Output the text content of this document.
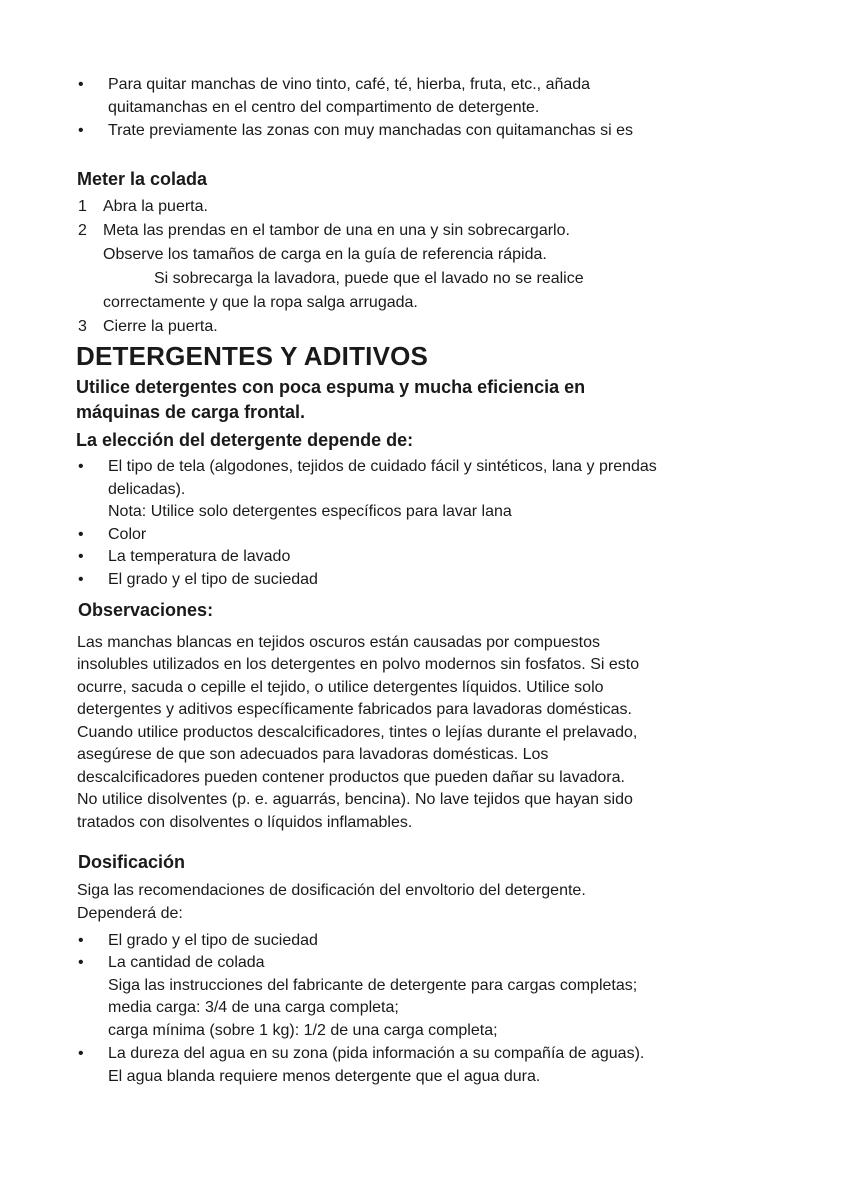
• Para quitar manchas de vino tinto, café, té, hierba, fruta, etc., añada

quitamanchas en el centro del compartimento de detergente.

• Trate previamente las zonas con muy manchadas con quitamanchas si es

Meter la colada

1 Abra la puerta.

2 Meta las prendas en el tambor de una en una y sin sobrecargarlo.

Observe los tamaños de carga en la guía de referencia rápida.

Si sobrecarga la lavadora, puede que el lavado no se realice

correctamente y que la ropa salga arrugada.

3 Cierre la puerta.

DETERGENTES Y ADITIVOS

Utilice detergentes con poca espuma y mucha eficiencia en

máquinas de carga frontal.

La elección del detergente depende de:

• El tipo de tela (algodones, tejidos de cuidado fácil y sintéticos, lana y prendas

delicadas).

Nota: Utilice solo detergentes específicos para lavar lana

• Color

• La temperatura de lavado

• El grado y el tipo de suciedad

Observaciones:

Las manchas blancas en tejidos oscuros están causadas por compuestos

insolubles utilizados en los detergentes en polvo modernos sin fosfatos. Si esto

ocurre, sacuda o cepille el tejido, o utilice detergentes líquidos. Utilice solo

detergentes y aditivos específicamente fabricados para lavadoras domésticas.

Cuando utilice productos descalcificadores, tintes o lejías durante el prelavado,

asegúrese de que son adecuados para lavadoras domésticas. Los

descalcificadores pueden contener productos que pueden dañar su lavadora.

No utilice disolventes (p. e. aguarrás, bencina). No lave tejidos que hayan sido

tratados con disolventes o líquidos inflamables.

Dosificación

Siga las recomendaciones de dosificación del envoltorio del detergente.

Dependerá de:

• El grado y el tipo de suciedad

• La cantidad de colada

Siga las instrucciones del fabricante de detergente para cargas completas;

media carga: 3/4 de una carga completa;

carga mínima (sobre 1 kg): 1/2 de una carga completa;

• La dureza del agua en su zona (pida información a su compañía de aguas).

El agua blanda requiere menos detergente que el agua dura.
